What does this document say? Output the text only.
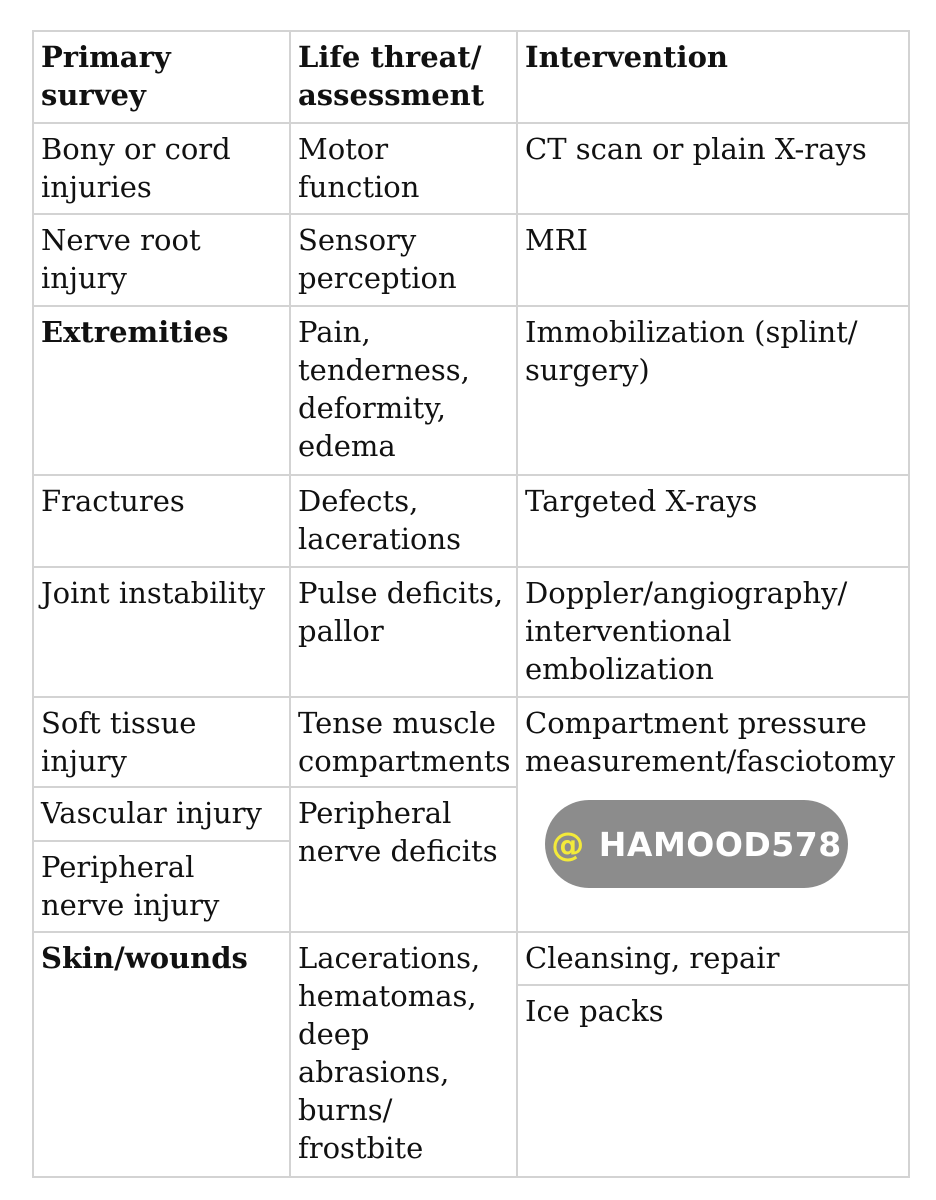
Primary survey	Life threat/ assessment	Intervention
Bony or cord injuries	Motor function	CT scan or plain X-rays
Nerve root injury	Sensory perception	MRI
Extremities	Pain, tenderness, deformity, edema	Immobilization (splint/ surgery)
Fractures	Defects, lacerations	Targeted X-rays
Joint instability	Pulse deficits, pallor	Doppler/angiography/ interventional embolization
Soft tissue injury	Tense muscle compartments	Compartment pressure measurement/fasciotomy
Vascular injury	Peripheral nerve deficits	
Peripheral nerve injury		
Skin/wounds	Lacerations, hematomas, deep abrasions, burns/ frostbite	Cleansing, repair
		Ice packs
@ HAMOOD578
